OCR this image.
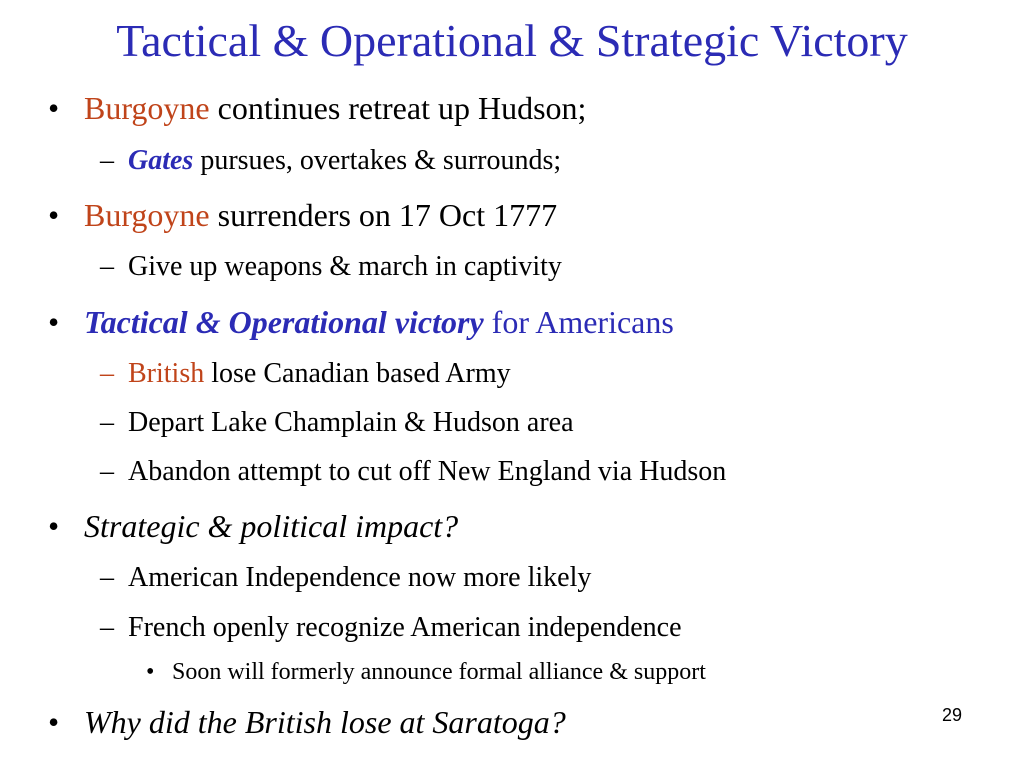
Tactical & Operational & Strategic Victory
• Burgoyne continues retreat up Hudson;
– Gates pursues, overtakes & surrounds;
• Burgoyne surrenders on 17 Oct 1777
– Give up weapons & march in captivity
• Tactical & Operational victory for Americans
– British lose Canadian based Army
– Depart Lake Champlain & Hudson area
– Abandon attempt to cut off New England via Hudson
• Strategic & political impact?
– American Independence now more likely
– French openly recognize American independence
• Soon will formerly announce formal alliance & support
• Why did the British lose at Saratoga?	29
